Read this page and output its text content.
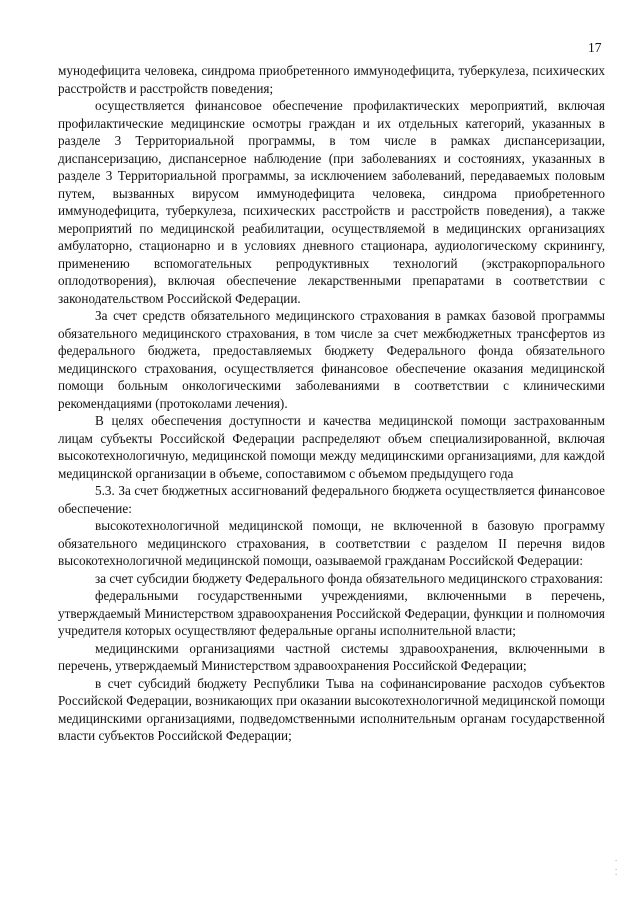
17

мунодефицита человека, синдрома приобретенного иммунодефицита, туберкулеза, психических расстройств и расстройств поведения;

осуществляется финансовое обеспечение профилактических мероприятий, включая профилактические медицинские осмотры граждан и их отдельных категорий, указанных в разделе 3 Территориальной программы, в том числе в рамках диспансеризации, диспансеризацию, диспансерное наблюдение (при заболеваниях и состояниях, указанных в разделе 3 Территориальной программы, за исключением заболеваний, передаваемых половым путем, вызванных вирусом иммунодефицита человека, синдрома приобретенного иммунодефицита, туберкулеза, психических расстройств и расстройств поведения), а также мероприятий по медицинской реабилитации, осуществляемой в медицинских организациях амбулаторно, стационарно и в условиях дневного стационара, аудиологическому скринингу, применению вспомогательных репродуктивных технологий (экстракорпорального оплодотворения), включая обеспечение лекарственными препаратами в соответствии с законодательством Российской Федерации.

За счет средств обязательного медицинского страхования в рамках базовой программы обязательного медицинского страхования, в том числе за счет межбюджетных трансфертов из федерального бюджета, предоставляемых бюджету Федерального фонда обязательного медицинского страхования, осуществляется финансовое обеспечение оказания медицинской помощи больным онкологическими заболеваниями в соответствии с клиническими рекомендациями (протоколами лечения).

В целях обеспечения доступности и качества медицинской помощи застрахованным лицам субъекты Российской Федерации распределяют объем специализированной, включая высокотехнологичную, медицинской помощи между медицинскими организациями, для каждой медицинской организации в объеме, сопоставимом с объемом предыдущего года

5.3. За счет бюджетных ассигнований федерального бюджета осуществляется финансовое обеспечение:

высокотехнологичной медицинской помощи, не включенной в базовую программу обязательного медицинского страхования, в соответствии с разделом II перечня видов высокотехнологичной медицинской помощи, оазываемой гражданам Российской Федерации:

за счет субсидии бюджету Федерального фонда обязательного медицинского страхования:

федеральными государственными учреждениями, включенными в перечень, утверждаемый Министерством здравоохранения Российской Федерации, функции и полномочия учредителя которых осуществляют федеральные органы исполнительной власти;

медицинскими организациями частной системы здравоохранения, включенными в перечень, утверждаемый Министерством здравоохранения Российской Федерации;

в счет субсидий бюджету Республики Тыва на софинансирование расходов субъектов Российской Федерации, возникающих при оказании высокотехнологичной медицинской помощи медицинскими организациями, подведомственными исполнительным органам государственной власти субъектов Российской Федерации;

·
.
·
